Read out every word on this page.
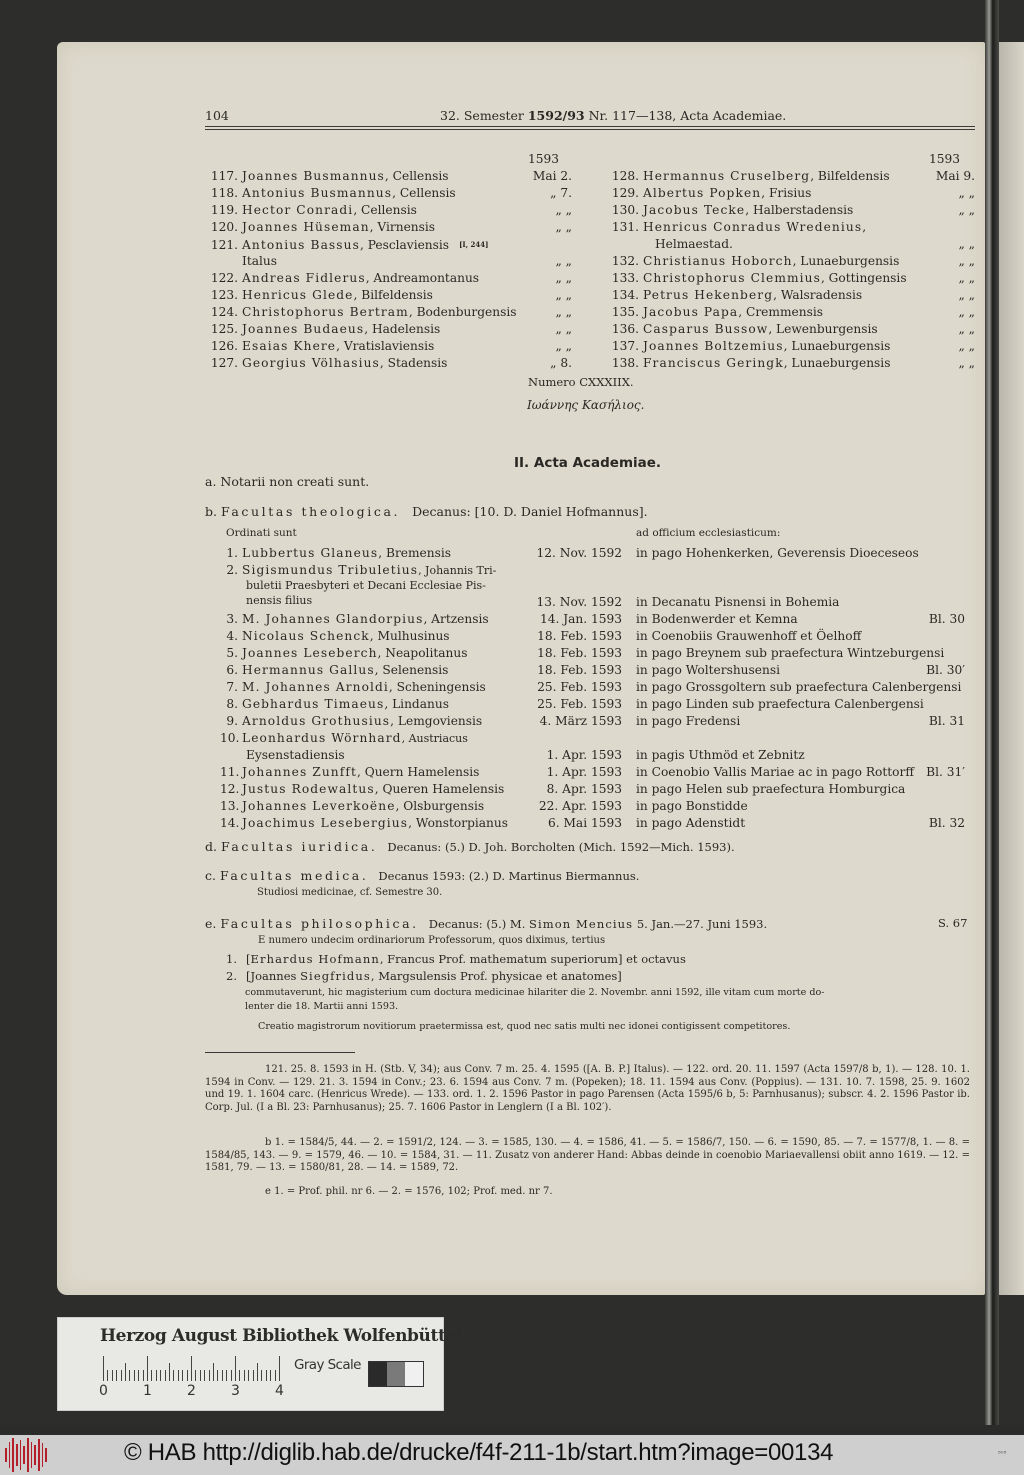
104	32. Semester 1592/93 Nr. 117—138, Acta Academiae.
1593	1593
117. Joannes Busmannus, Cellensis	Mai 2.
118. Antonius Busmannus, Cellensis	„ 7.
119. Hector Conradi, Cellensis	„ „
120. Joannes Hüseman, Virnensis	„ „
121. Antonius Bassus, Pesclaviensis [I, 244]
Italus	„ „
122. Andreas Fidlerus, Andreamontanus	„ „
123. Henricus Glede, Bilfeldensis	„ „
124. Christophorus Bertram, Bodenburgensis	„ „
125. Joannes Budaeus, Hadelensis	„ „
126. Esaias Khere, Vratislaviensis	„ „
127. Georgius Völhasius, Stadensis	„ 8.
128. Hermannus Cruselberg, Bilfeldensis	Mai 9.
129. Albertus Popken, Frisius	„ „
130. Jacobus Tecke, Halberstadensis	„ „
131. Henricus Conradus Wredenius,
Helmaestad.	„ „
132. Christianus Hoborch, Lunaeburgensis	„ „
133. Christophorus Clemmius, Gottingensis	„ „
134. Petrus Hekenberg, Walsradensis	„ „
135. Jacobus Papa, Cremmensis	„ „
136. Casparus Bussow, Lewenburgensis	„ „
137. Joannes Boltzemius, Lunaeburgensis	„ „
138. Franciscus Geringk, Lunaeburgensis	„ „
Numero CXXXIIX.
Ιωάννης Κασήλιος.
II. Acta Academiae.
a. Notarii non creati sunt.
b. Facultas theologica. Decanus: [10. D. Daniel Hofmannus].
Ordinati sunt	ad officium ecclesiasticum:
1. Lubbertus Glaneus, Bremensis	12. Nov. 1592 in pago Hohenkerken, Geverensis Dioeceseos
2. Sigismundus Tribuletius, Johannis Tri-
buletii Praesbyteri et Decani Ecclesiae Pis-
nensis filius	13. Nov. 1592 in Decanatu Pisnensi in Bohemia
3. M. Johannes Glandorpius, Artzensis	14. Jan. 1593 in Bodenwerder et Kemna	Bl. 30
4. Nicolaus Schenck, Mulhusinus	18. Feb. 1593 in Coenobiis Grauwenhoff et Öelhoff
5. Joannes Leseberch, Neapolitanus	18. Feb. 1593 in pago Breynem sub praefectura Wintzeburgensi
6. Hermannus Gallus, Selenensis	18. Feb. 1593 in pago Woltershusensi	Bl. 30′
7. M. Johannes Arnoldi, Scheningensis	25. Feb. 1593 in pago Grossgoltern sub praefectura Calenbergensi
8. Gebhardus Timaeus, Lindanus	25. Feb. 1593 in pago Linden sub praefectura Calenbergensi
9. Arnoldus Grothusius, Lemgoviensis	4. März 1593 in pago Fredensi	Bl. 31
10. Leonhardus Wörnhard, Austriacus
Eysenstadiensis	1. Apr. 1593 in pagis Uthmöd et Zebnitz
11. Johannes Zunfft, Quern Hamelensis	1. Apr. 1593 in Coenobio Vallis Mariae ac in pago Rottorff Bl. 31′
12. Justus Rodewaltus, Queren Hamelensis	8. Apr. 1593 in pago Helen sub praefectura Homburgica
13. Johannes Leverkoëne, Olsburgensis	22. Apr. 1593 in pago Bonstidde
14. Joachimus Lesebergius, Wonstorpianus	6. Mai 1593 in pago Adenstidt	Bl. 32
d. Facultas iuridica. Decanus: (5.) D. Joh. Borcholten (Mich. 1592—Mich. 1593).
c. Facultas medica. Decanus 1593: (2.) D. Martinus Biermannus.
Studiosi medicinae, cf. Semestre 30.
e. Facultas philosophica. Decanus: (5.) M. Simon Mencius 5. Jan.—27. Juni 1593.	S. 67
E numero undecim ordinariorum Professorum, quos diximus, tertius
1. [Erhardus Hofmann, Francus Prof. mathematum superiorum] et octavus
2. [Joannes Siegfridus, Margsulensis Prof. physicae et anatomes]
commutaverunt, hic magisterium cum doctura medicinae hilariter die 2. Novembr. anni 1592, ille vitam cum morte do-
lenter die 18. Martii anni 1593.
Creatio magistrorum novitiorum praetermissa est, quod nec satis multi nec idonei contigissent competitores.
121. 25. 8. 1593 in H. (Stb. V, 34); aus Conv. 7 m. 25. 4. 1595 ([A. B. P.] Italus). — 122. ord. 20. 11. 1597 (Acta 1597/8 b, 1). — 128. 10. 1. 1594 in Conv. — 129. 21. 3. 1594 in Conv.; 23. 6. 1594 aus Conv. 7 m. (Popeken); 18. 11. 1594 aus Conv. (Poppius). — 131. 10. 7. 1598, 25. 9. 1602 und 19. 1. 1604 carc. (Henricus Wrede). — 133. ord. 1. 2. 1596 Pastor in pago Parensen (Acta 1595/6 b, 5: Parnhusanus); subscr. 4. 2. 1596 Pastor ib. Corp. Jul. (I a Bl. 23: Parnhusanus); 25. 7. 1606 Pastor in Lenglern (I a Bl. 102′).
b 1. = 1584/5, 44. — 2. = 1591/2, 124. — 3. = 1585, 130. — 4. = 1586, 41. — 5. = 1586/7, 150. — 6. = 1590, 85. — 7. = 1577/8, 1. — 8. = 1584/85, 143. — 9. = 1579, 46. — 10. = 1584, 31. — 11. Zusatz von anderer Hand: Abbas deinde in coenobio Mariaevallensi obiit anno 1619. — 12. = 1581, 79. — 13. = 1580/81, 28. — 14. = 1589, 72.
e 1. = Prof. phil. nr 6. — 2. = 1576, 102; Prof. med. nr 7.
Herzog August Bibliothek Wolfenbüttel
0	1	2	3	4
Gray Scale
© HAB http://diglib.hab.de/drucke/f4f-211-1b/start.htm?image=00134	⁸⁰⁸
